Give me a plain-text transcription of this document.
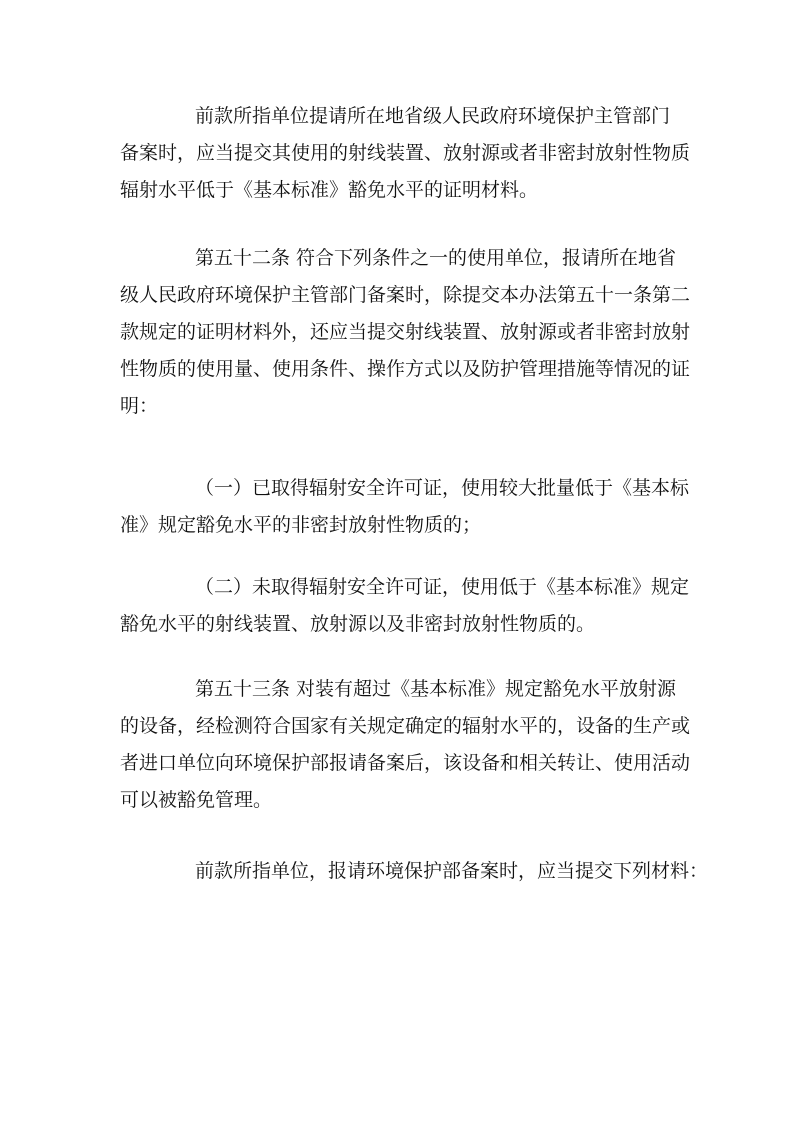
前款所指单位提请所在地省级人民政府环境保护主管部门
备案时，应当提交其使用的射线装置、放射源或者非密封放射性物质
辐射水平低于《基本标准》豁免水平的证明材料。

第五十二条 符合下列条件之一的使用单位，报请所在地省
级人民政府环境保护主管部门备案时，除提交本办法第五十一条第二
款规定的证明材料外，还应当提交射线装置、放射源或者非密封放射
性物质的使用量、使用条件、操作方式以及防护管理措施等情况的证
明：

（一）已取得辐射安全许可证，使用较大批量低于《基本标
准》规定豁免水平的非密封放射性物质的；

（二）未取得辐射安全许可证，使用低于《基本标准》规定
豁免水平的射线装置、放射源以及非密封放射性物质的。

第五十三条 对装有超过《基本标准》规定豁免水平放射源
的设备，经检测符合国家有关规定确定的辐射水平的，设备的生产或
者进口单位向环境保护部报请备案后，该设备和相关转让、使用活动
可以被豁免管理。

前款所指单位，报请环境保护部备案时，应当提交下列材料：
